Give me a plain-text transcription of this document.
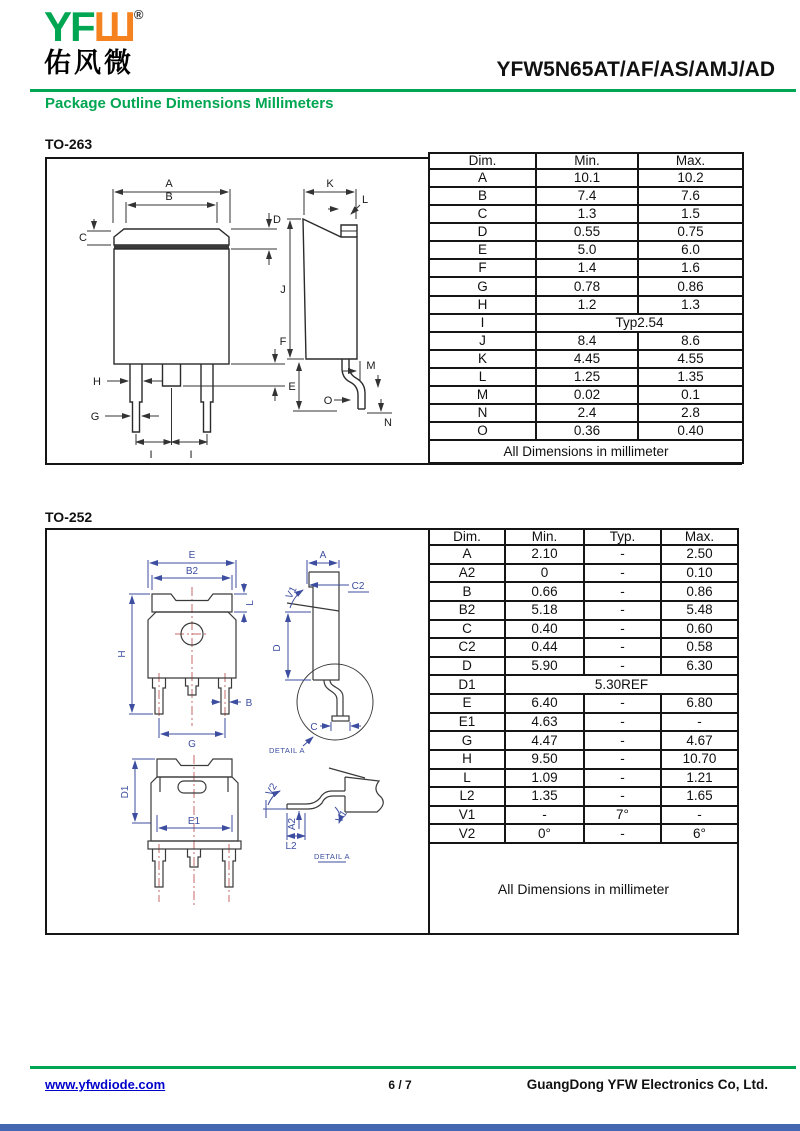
YFШ®
佑风微	YFW5N65AT/AF/AS/AMJ/AD
Package Outline Dimensions Millimeters
TO-263
A
B
D
C
F
H
G
I	I
K
L
J
E
M
O
N
Dim.	Min.	Max.
A	10.1	10.2
B	7.4	7.6
C	1.3	1.5
D	0.55	0.75
E	5.0	6.0
F	1.4	1.6
G	0.78	0.86
H	1.2	1.3
I	Typ2.54	
J	8.4	8.6
K	4.45	4.55
L	1.25	1.35
M	0.02	0.1
N	2.4	2.8
O	0.36	0.40
All Dimensions in millimeter		
TO-252
E
B2
L
H
B
G
A
C2
V1
D
C
DETAIL A
D1
E1
V2
A2
L2
V1
DETAIL A
Dim.	Min.	Typ.	Max.
A	2.10	-	2.50
A2	0	-	0.10
B	0.66	-	0.86
B2	5.18	-	5.48
C	0.40	-	0.60
C2	0.44	-	0.58
D	5.90	-	6.30
D1	5.30REF		
E	6.40	-	6.80
E1	4.63	-	-
G	4.47	-	4.67
H	9.50	-	10.70
L	1.09	-	1.21
L2	1.35	-	1.65
V1	-	7°	-
V2	0°	-	6°
All Dimensions in millimeter			
www.yfwdiode.com	6 / 7	GuangDong YFW Electronics Co, Ltd.
